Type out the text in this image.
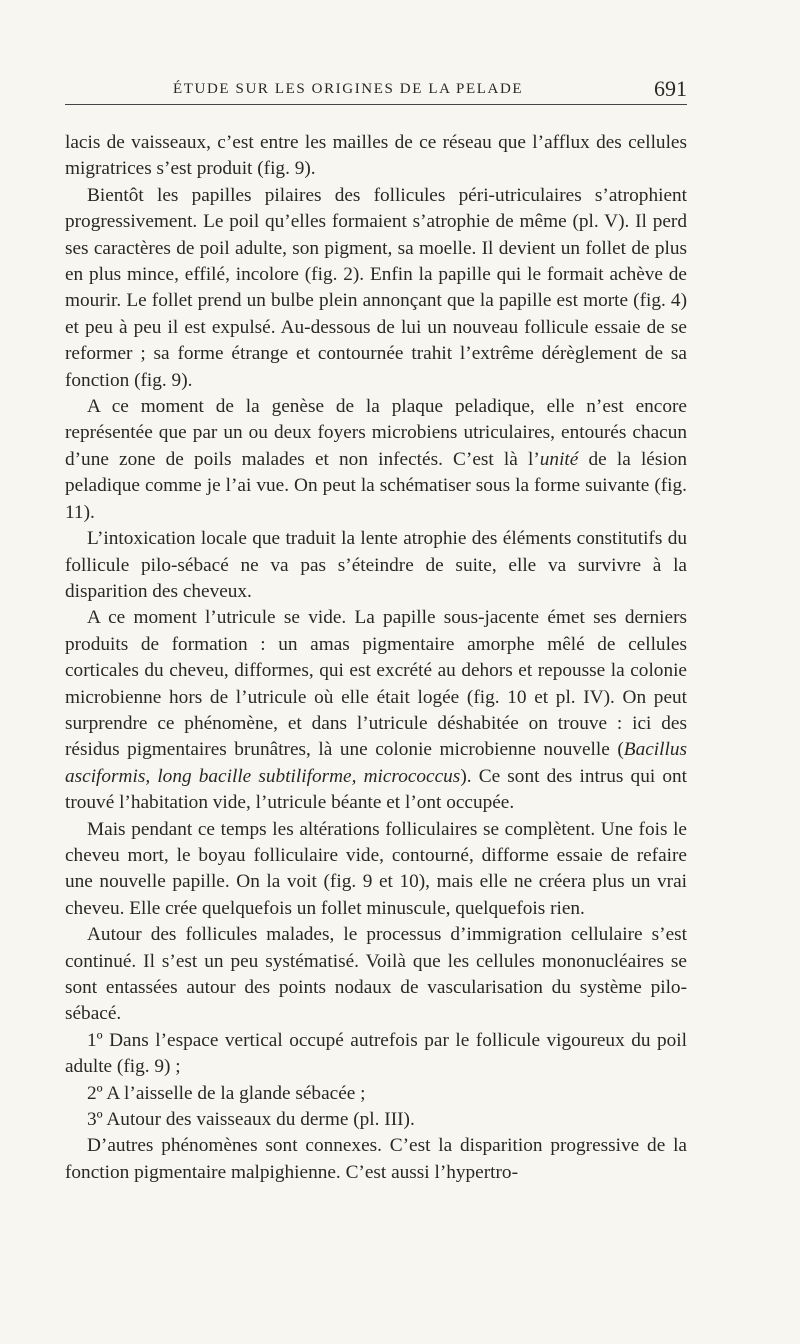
ÉTUDE SUR LES ORIGINES DE LA PELADE	691

lacis de vaisseaux, c’est entre les mailles de ce réseau que l’afflux des cellules migratrices s’est produit (fig. 9).

Bientôt les papilles pilaires des follicules péri-utriculaires s’atrophient progressivement. Le poil qu’elles formaient s’atrophie de même (pl. V). Il perd ses caractères de poil adulte, son pigment, sa moelle. Il devient un follet de plus en plus mince, effilé, incolore (fig. 2). Enfin la papille qui le formait achève de mourir. Le follet prend un bulbe plein annonçant que la papille est morte (fig. 4) et peu à peu il est expulsé. Au-dessous de lui un nouveau follicule essaie de se reformer ; sa forme étrange et contournée trahit l’extrême dérèglement de sa fonction (fig. 9).

A ce moment de la genèse de la plaque peladique, elle n’est encore représentée que par un ou deux foyers microbiens utriculaires, entourés chacun d’une zone de poils malades et non infectés. C’est là l’unité de la lésion peladique comme je l’ai vue. On peut la schématiser sous la forme suivante (fig. 11).

L’intoxication locale que traduit la lente atrophie des éléments constitutifs du follicule pilo-sébacé ne va pas s’éteindre de suite, elle va survivre à la disparition des cheveux.

A ce moment l’utricule se vide. La papille sous-jacente émet ses derniers produits de formation : un amas pigmentaire amorphe mêlé de cellules corticales du cheveu, difformes, qui est excrété au dehors et repousse la colonie microbienne hors de l’utricule où elle était logée (fig. 10 et pl. IV). On peut surprendre ce phénomène, et dans l’utricule déshabitée on trouve : ici des résidus pigmentaires brunâtres, là une colonie microbienne nouvelle (Bacillus asciformis, long bacille subtiliforme, micrococcus). Ce sont des intrus qui ont trouvé l’habitation vide, l’utricule béante et l’ont occupée.

Mais pendant ce temps les altérations folliculaires se complètent. Une fois le cheveu mort, le boyau folliculaire vide, contourné, difforme essaie de refaire une nouvelle papille. On la voit (fig. 9 et 10), mais elle ne créera plus un vrai cheveu. Elle crée quelquefois un follet minuscule, quelquefois rien.

Autour des follicules malades, le processus d’immigration cellulaire s’est continué. Il s’est un peu systématisé. Voilà que les cellules mononucléaires se sont entassées autour des points nodaux de vascularisation du système pilo-sébacé.

1º Dans l’espace vertical occupé autrefois par le follicule vigoureux du poil adulte (fig. 9) ;

2º A l’aisselle de la glande sébacée ;

3º Autour des vaisseaux du derme (pl. III).

D’autres phénomènes sont connexes. C’est la disparition progressive de la fonction pigmentaire malpighienne. C’est aussi l’hypertro-
